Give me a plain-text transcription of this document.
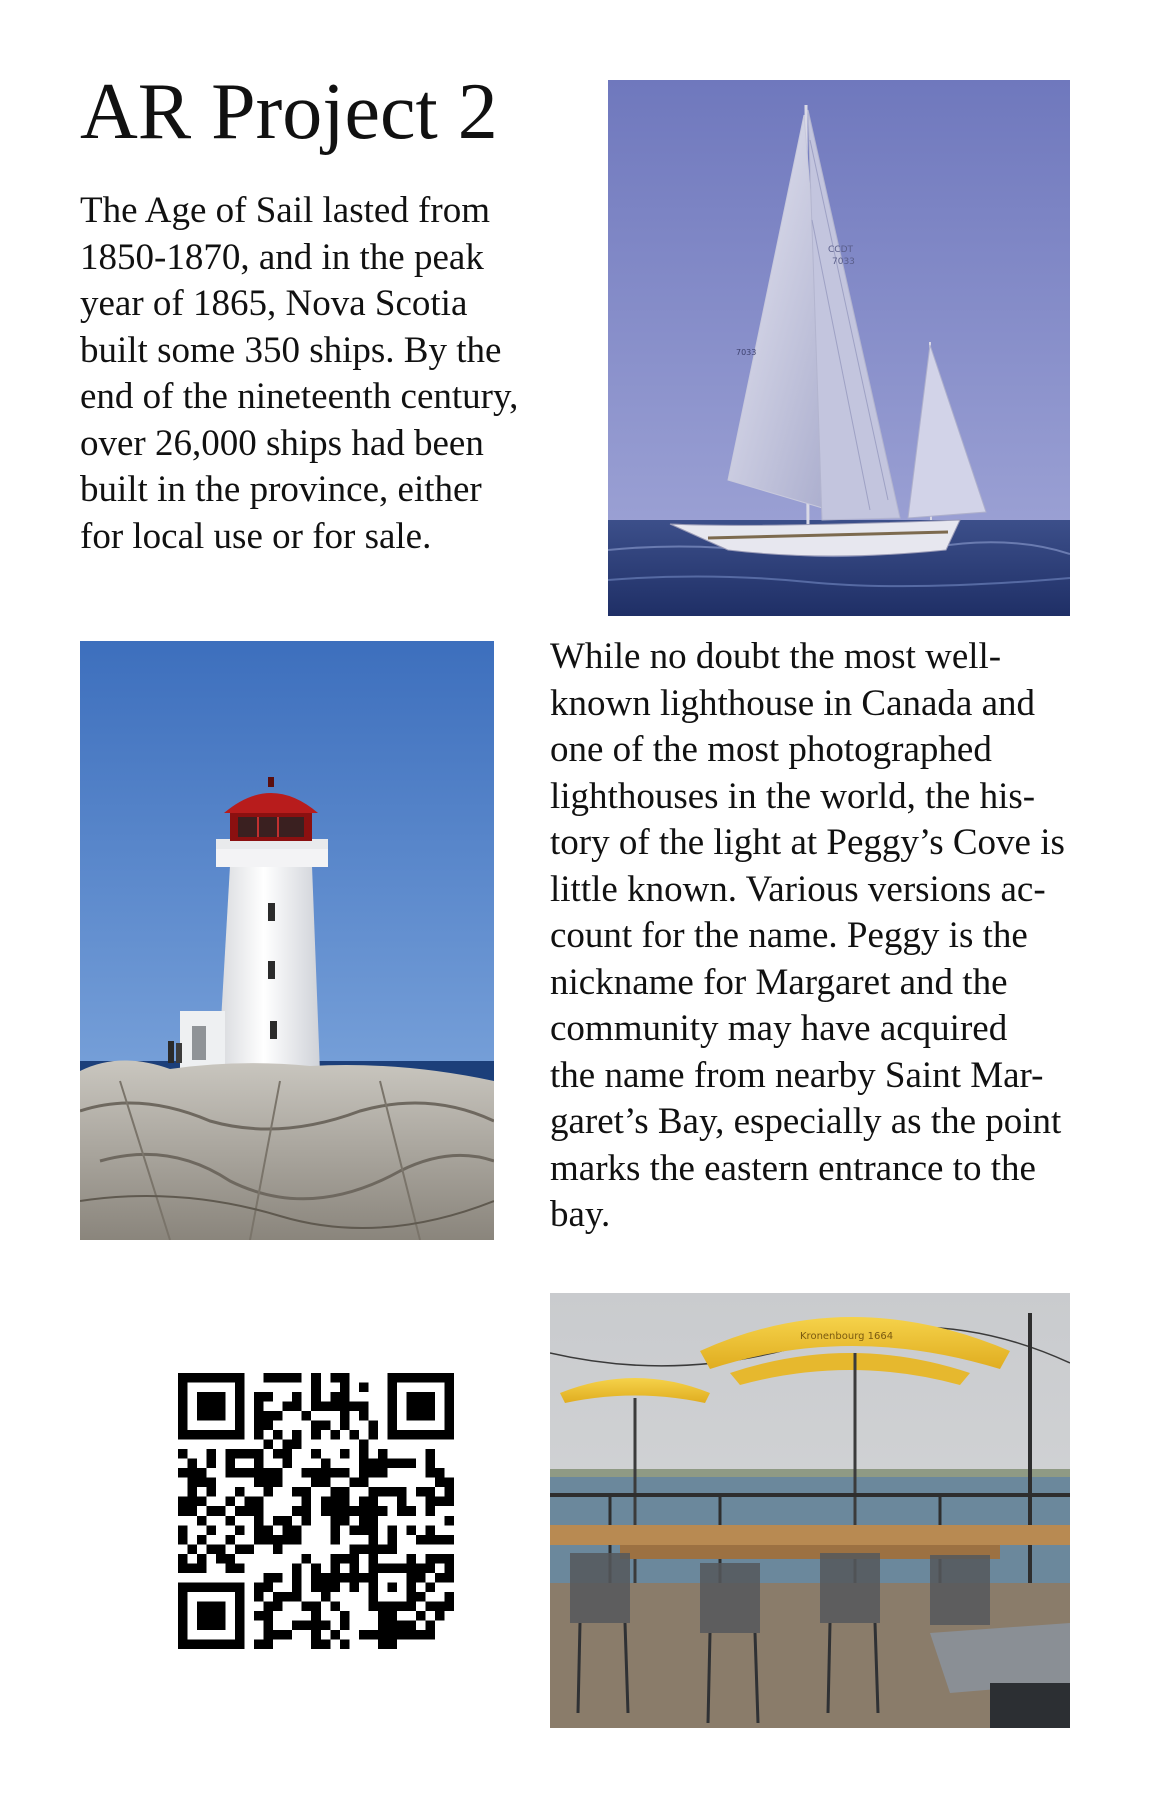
AR Project 2
The Age of Sail lasted from
1850-1870, and in the peak
year of 1865, Nova Scotia
built some 350 ships. By the
end of the nineteenth century,
over 26,000 ships had been
built in the province, either
for local use or for sale.
CCDT
7033
7033
While no doubt the most well-
known lighthouse in Canada and
one of the most photographed
lighthouses in the world, the his-
tory of the light at Peggy’s Cove is
little known. Various versions ac-
count for the name. Peggy is the
nickname for Margaret and the
community may have acquired
the name from nearby Saint Mar-
garet’s Bay, especially as the point
marks the eastern entrance to the
bay.
Kronenbourg 1664
